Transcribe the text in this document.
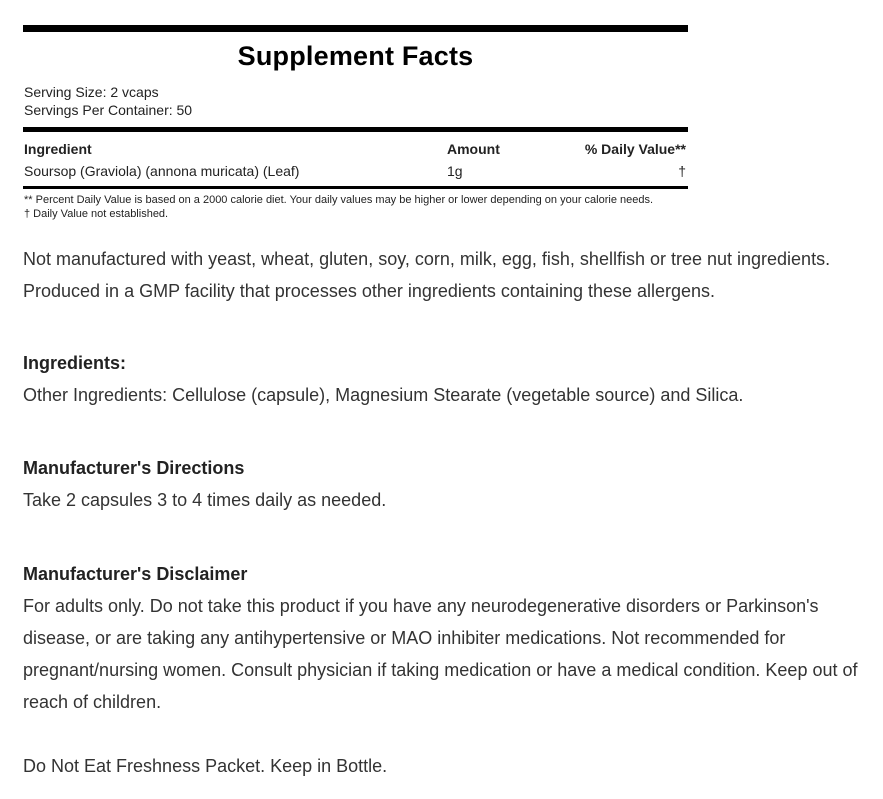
Supplement Facts
Serving Size: 2 vcaps
Servings Per Container: 50
Ingredient	Amount	% Daily Value**
Soursop (Graviola) (annona muricata) (Leaf)	1g	†
** Percent Daily Value is based on a 2000 calorie diet. Your daily values may be higher or lower depending on your calorie needs.
† Daily Value not established.

Not manufactured with yeast, wheat, gluten, soy, corn, milk, egg, fish, shellfish or tree nut ingredients. Produced in a GMP facility that processes other ingredients containing these allergens.

Ingredients:

Other Ingredients: Cellulose (capsule), Magnesium Stearate (vegetable source) and Silica.

Manufacturer's Directions

Take 2 capsules 3 to 4 times daily as needed.

Manufacturer's Disclaimer

For adults only. Do not take this product if you have any neurodegenerative disorders or Parkinson's disease, or are taking any antihypertensive or MAO inhibiter medications. Not recommended for pregnant/nursing women. Consult physician if taking medication or have a medical condition. Keep out of reach of children.

Do Not Eat Freshness Packet. Keep in Bottle.
